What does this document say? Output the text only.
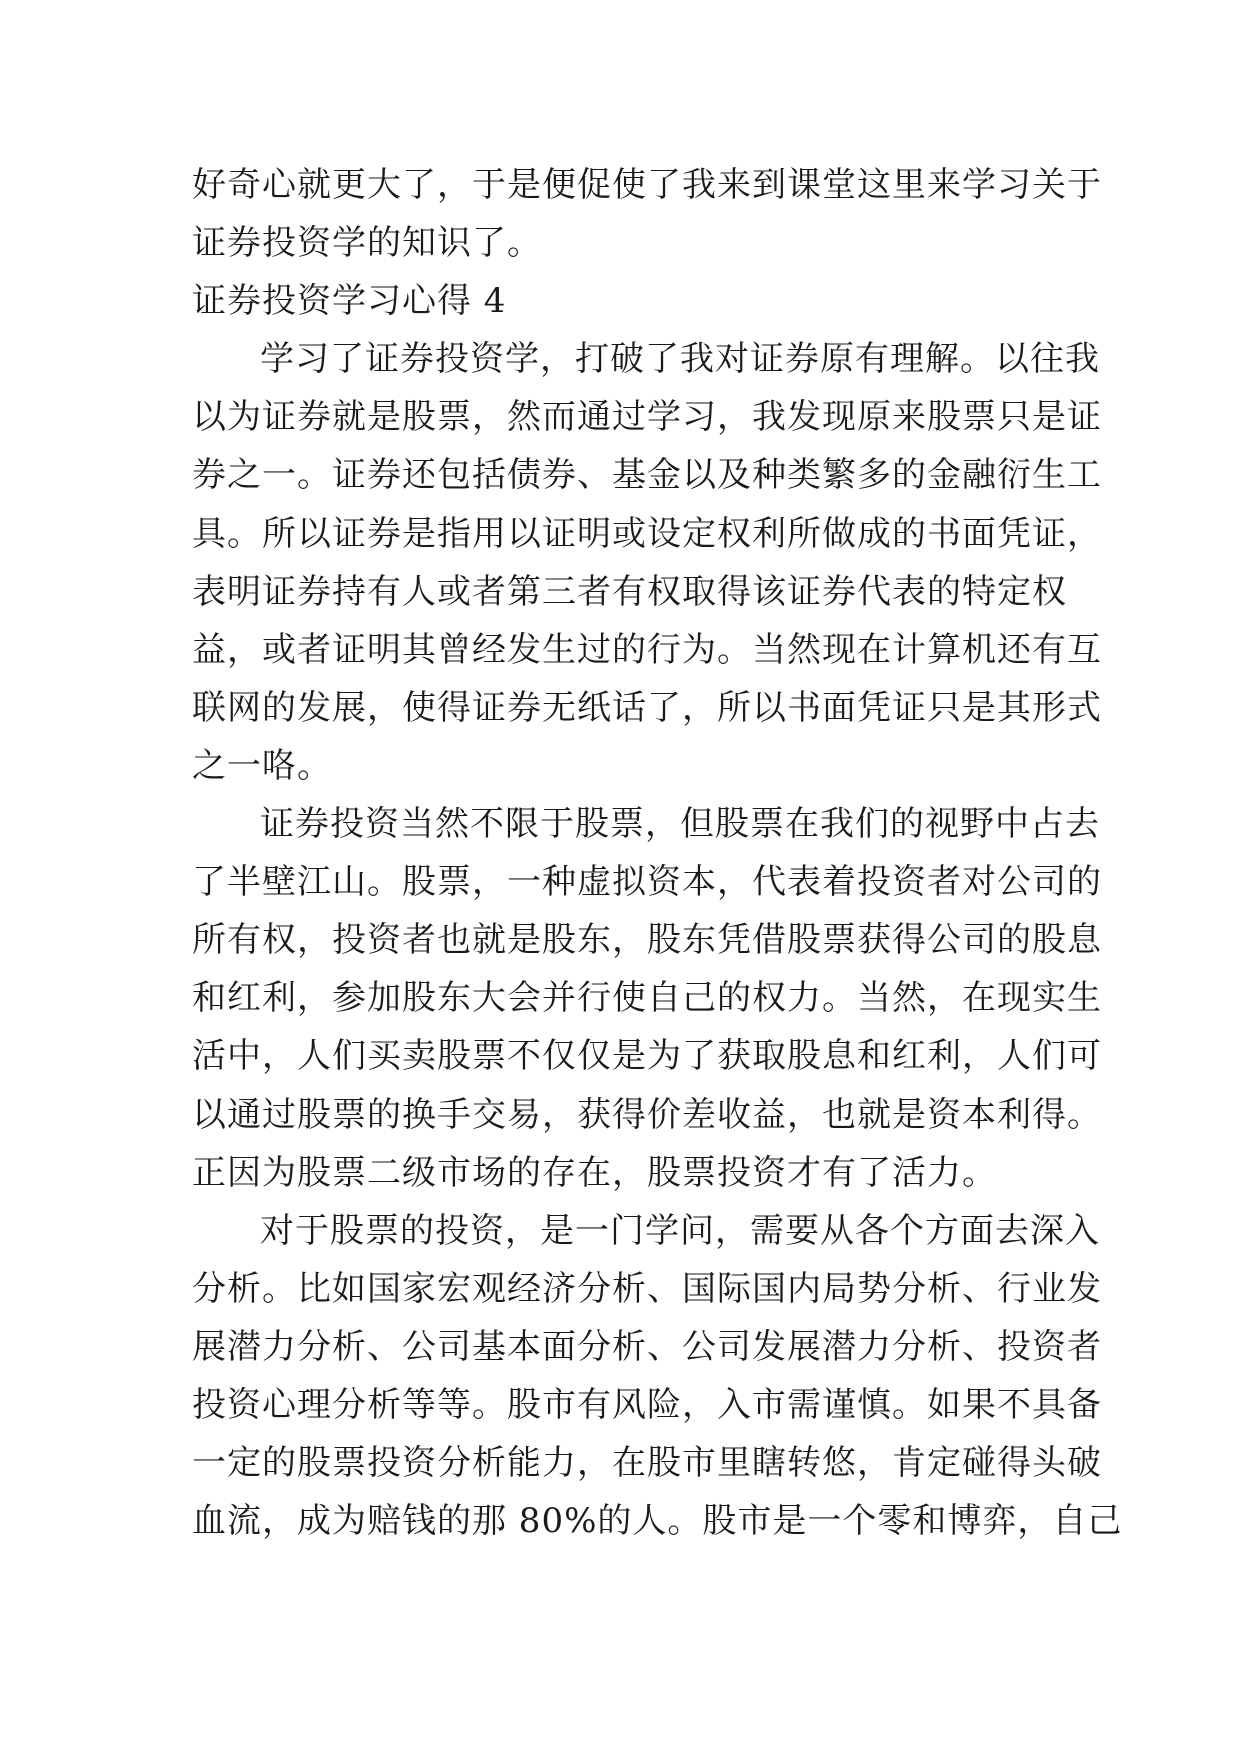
好奇心就更大了，于是便促使了我来到课堂这里来学习关于
证券投资学的知识了。
证券投资学习心得 4
学习了证券投资学，打破了我对证券原有理解。以往我
以为证券就是股票，然而通过学习，我发现原来股票只是证
券之一。证券还包括债券、基金以及种类繁多的金融衍生工
具。所以证券是指用以证明或设定权利所做成的书面凭证，
表明证券持有人或者第三者有权取得该证券代表的特定权
益，或者证明其曾经发生过的行为。当然现在计算机还有互
联网的发展，使得证券无纸话了，所以书面凭证只是其形式
之一咯。
证券投资当然不限于股票，但股票在我们的视野中占去
了半壁江山。股票，一种虚拟资本，代表着投资者对公司的
所有权，投资者也就是股东，股东凭借股票获得公司的股息
和红利，参加股东大会并行使自己的权力。当然，在现实生
活中，人们买卖股票不仅仅是为了获取股息和红利，人们可
以通过股票的换手交易，获得价差收益，也就是资本利得。
正因为股票二级市场的存在，股票投资才有了活力。
对于股票的投资，是一门学问，需要从各个方面去深入
分析。比如国家宏观经济分析、国际国内局势分析、行业发
展潜力分析、公司基本面分析、公司发展潜力分析、投资者
投资心理分析等等。股市有风险，入市需谨慎。如果不具备
一定的股票投资分析能力，在股市里瞎转悠，肯定碰得头破
血流，成为赔钱的那 80%的人。股市是一个零和博弈，自己
